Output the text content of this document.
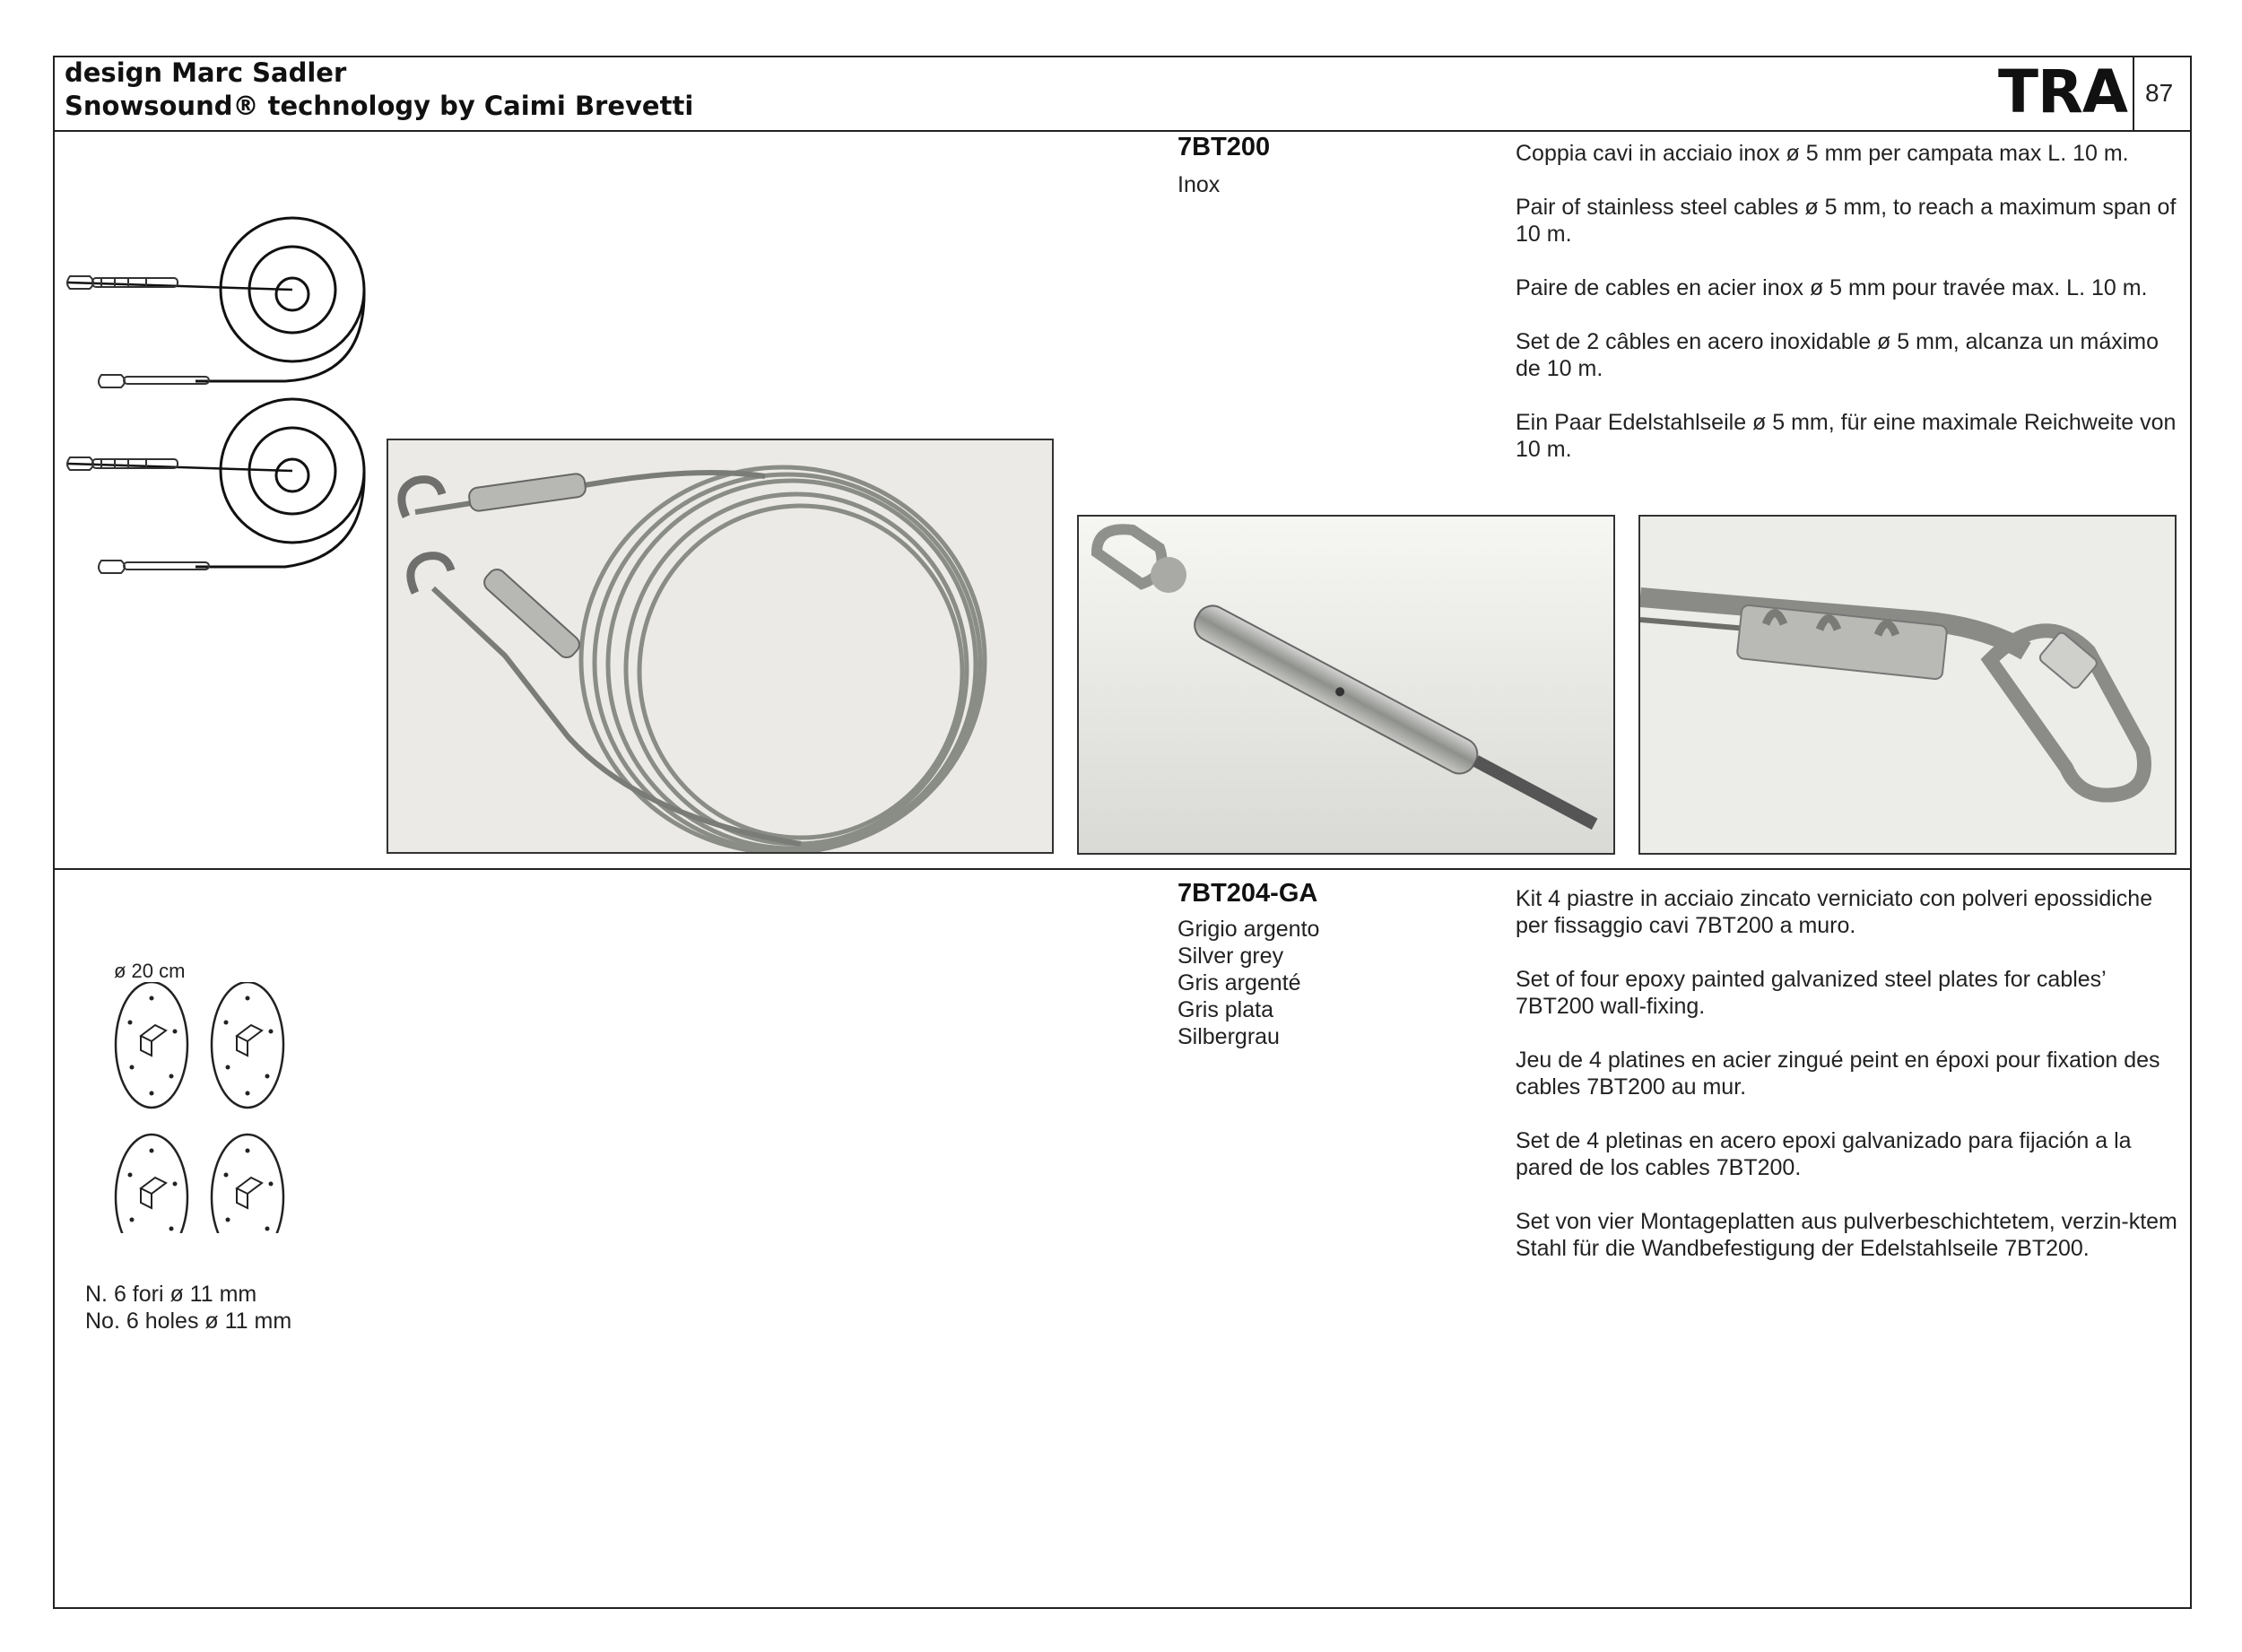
design Marc Sadler
Snowsound® technology by Caimi Brevetti	TRA 87
7BT200
Inox

Coppia cavi in acciaio inox ø 5 mm per campata max L. 10 m.

Pair of stainless steel cables ø 5 mm, to reach a maximum span of 10 m.

Paire de cables en acier inox ø 5 mm pour travée max. L. 10 m.

Set de 2 câbles en acero inoxidable ø 5 mm, alcanza un máximo de 10 m.

Ein Paar Edelstahlseile ø 5 mm, für eine maximale Reichweite von 10 m.

7BT204-GA
Grigio argento
Silver grey
Gris argenté
Gris plata
Silbergrau

Kit 4 piastre in acciaio zincato verniciato con polveri epossidiche per fissaggio cavi 7BT200 a muro.

Set of four epoxy painted galvanized steel plates for cables’ 7BT200 wall-fixing.

Jeu de 4 platines en acier zingué peint en époxi pour fixation des cables 7BT200 au mur.

Set de 4 pletinas en acero epoxi galvanizado para fijación a la pared de los cables 7BT200.

Set von vier Montageplatten aus pulverbeschichtetem, verzin-ktem Stahl für die Wandbefestigung der Edelstahlseile 7BT200.

ø 20 cm
N. 6 fori ø 11 mm
No. 6 holes ø 11 mm
